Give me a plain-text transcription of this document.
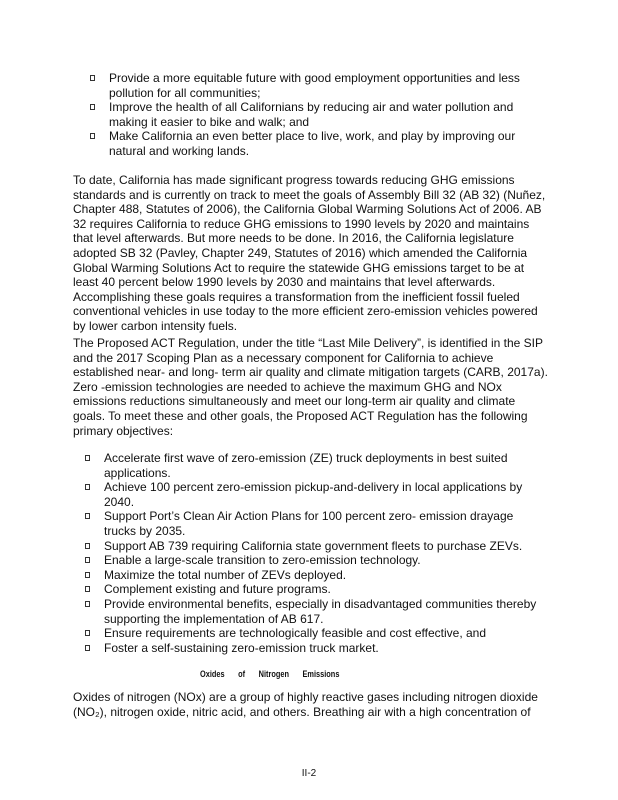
Provide a more equitable future with good employment opportunities and less pollution for all communities;
Improve the health of all Californians by reducing air and water pollution and making it easier to bike and walk; and
Make California an even better place to live, work, and play by improving our natural and working lands.

To date, California has made significant progress towards reducing GHG emissions standards and is currently on track to meet the goals of Assembly Bill 32 (AB 32) (Nuñez, Chapter 488, Statutes of 2006), the California Global Warming Solutions Act of 2006. AB 32 requires California to reduce GHG emissions to 1990 levels by 2020 and maintains that level afterwards. But more needs to be done. In 2016, the California legislature adopted SB 32 (Pavley, Chapter 249, Statutes of 2016) which amended the California Global Warming Solutions Act to require the statewide GHG emissions target to be at least 40 percent below 1990 levels by 2030 and maintains that level afterwards. Accomplishing these goals requires a transformation from the inefficient fossil fueled conventional vehicles in use today to the more efficient zero-emission vehicles powered by lower carbon intensity fuels.

The Proposed ACT Regulation, under the title “Last Mile Delivery”, is identified in the SIP and the 2017 Scoping Plan as a necessary component for California to achieve established near- and long- term air quality and climate mitigation targets (CARB, 2017a). Zero -emission technologies are needed to achieve the maximum GHG and NOx emissions reductions simultaneously and meet our long-term air quality and climate goals. To meet these and other goals, the Proposed ACT Regulation has the following primary objectives:

Accelerate first wave of zero-emission (ZE) truck deployments in best suited applications.
Achieve 100 percent zero-emission pickup-and-delivery in local applications by 2040.
Support Port’s Clean Air Action Plans for 100 percent zero- emission drayage trucks by 2035.
Support AB 739 requiring California state government fleets to purchase ZEVs.
Enable a large-scale transition to zero-emission technology.
Maximize the total number of ZEVs deployed.
Complement existing and future programs.
Provide environmental benefits, especially in disadvantaged communities thereby supporting the implementation of AB 617.
Ensure requirements are technologically feasible and cost effective, and
Foster a self-sustaining zero-emission truck market.
Oxides of Nitrogen Emissions

Oxides of nitrogen (NOx) are a group of highly reactive gases including nitrogen dioxide (NO₂), nitrogen oxide, nitric acid, and others. Breathing air with a high concentration of

II-2
